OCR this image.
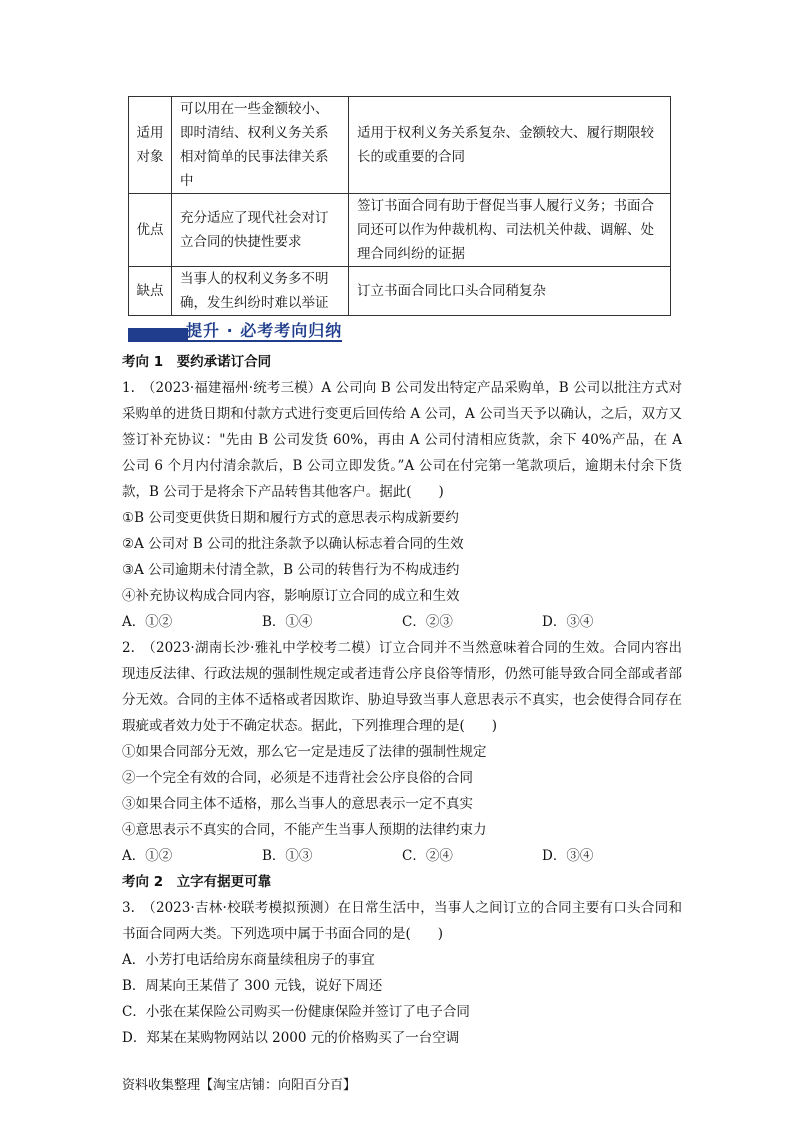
适用对象	可以用在一些金额较小、即时清结、权利义务关系相对简单的民事法律关系中	适用于权利义务关系复杂、金额较大、履行期限较长的或重要的合同
优点	充分适应了现代社会对订立合同的快捷性要求	签订书面合同有助于督促当事人履行义务；书面合同还可以作为仲裁机构、司法机关仲裁、调解、处理合同纠纷的证据
缺点	当事人的权利义务多不明确，发生纠纷时难以举证	订立书面合同比口头合同稍复杂
提升 · 必考考向归纳
考向 1　要约承诺订合同
1.　（2023·福建福州·统考三模）A 公司向 B 公司发出特定产品采购单，B 公司以批注方式对采购单的进货日期和付款方式进行变更后回传给 A 公司，A 公司当天予以确认，之后，双方又签订补充协议："先由 B 公司发货 60%，再由 A 公司付清相应货款，余下 40%产品，在 A 公司 6 个月内付清余款后，B 公司立即发货。”A 公司在付完第一笔款项后，逾期未付余下货款，B 公司于是将余下产品转售其他客户。据此(　　)
①B 公司变更供货日期和履行方式的意思表示构成新要约
②A 公司对 B 公司的批注条款予以确认标志着合同的生效
③A 公司逾期未付清全款，B 公司的转售行为不构成违约
④补充协议构成合同内容，影响原订立合同的成立和生效
A．①②	B．①④	C．②③	D．③④
2.　（2023·湖南长沙·雅礼中学校考二模）订立合同并不当然意味着合同的生效。合同内容出现违反法律、行政法规的强制性规定或者违背公序良俗等情形，仍然可能导致合同全部或者部分无效。合同的主体不适格或者因欺诈、胁迫导致当事人意思表示不真实，也会使得合同存在瑕疵或者效力处于不确定状态。据此，下列推理合理的是(　　)
①如果合同部分无效，那么它一定是违反了法律的强制性规定
②一个完全有效的合同，必须是不违背社会公序良俗的合同
③如果合同主体不适格，那么当事人的意思表示一定不真实
④意思表示不真实的合同，不能产生当事人预期的法律约束力
A．①②	B．①③	C．②④	D．③④
考向 2　立字有据更可靠
3.　（2023·吉林·校联考模拟预测）在日常生活中，当事人之间订立的合同主要有口头合同和书面合同两大类。下列选项中属于书面合同的是(　　)
A．小芳打电话给房东商量续租房子的事宜
B．周某向王某借了 300 元钱，说好下周还
C．小张在某保险公司购买一份健康保险并签订了电子合同
D．郑某在某购物网站以 2000 元的价格购买了一台空调
资料收集整理【淘宝店铺：向阳百分百】
